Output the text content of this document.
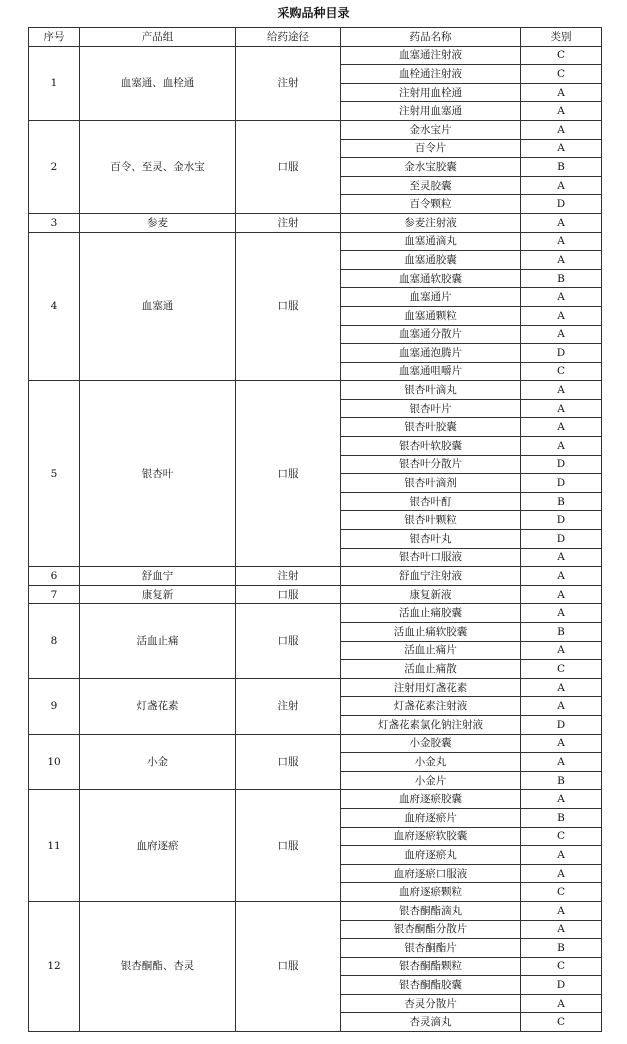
采购品种目录
序号	产品组	给药途径	药品名称	类别
1	血塞通、血栓通	注射	血塞通注射液	C
			血栓通注射液	C
			注射用血栓通	A
			注射用血塞通	A
2	百令、至灵、金水宝	口服	金水宝片	A
			百令片	A
			金水宝胶囊	B
			至灵胶囊	A
			百令颗粒	D
3	参麦	注射	参麦注射液	A
4	血塞通	口服	血塞通滴丸	A
			血塞通胶囊	A
			血塞通软胶囊	B
			血塞通片	A
			血塞通颗粒	A
			血塞通分散片	A
			血塞通泡腾片	D
			血塞通咀嚼片	C
5	银杏叶	口服	银杏叶滴丸	A
			银杏叶片	A
			银杏叶胶囊	A
			银杏叶软胶囊	A
			银杏叶分散片	D
			银杏叶滴剂	D
			银杏叶酊	B
			银杏叶颗粒	D
			银杏叶丸	D
			银杏叶口服液	A
6	舒血宁	注射	舒血宁注射液	A
7	康复新	口服	康复新液	A
8	活血止痛	口服	活血止痛胶囊	A
			活血止痛软胶囊	B
			活血止痛片	A
			活血止痛散	C
9	灯盏花素	注射	注射用灯盏花素	A
			灯盏花素注射液	A
			灯盏花素氯化钠注射液	D
10	小金	口服	小金胶囊	A
			小金丸	A
			小金片	B
11	血府逐瘀	口服	血府逐瘀胶囊	A
			血府逐瘀片	B
			血府逐瘀软胶囊	C
			血府逐瘀丸	A
			血府逐瘀口服液	A
			血府逐瘀颗粒	C
12	银杏酮酯、杏灵	口服	银杏酮酯滴丸	A
			银杏酮酯分散片	A
			银杏酮酯片	B
			银杏酮酯颗粒	C
			银杏酮酯胶囊	D
			杏灵分散片	A
			杏灵滴丸	C
